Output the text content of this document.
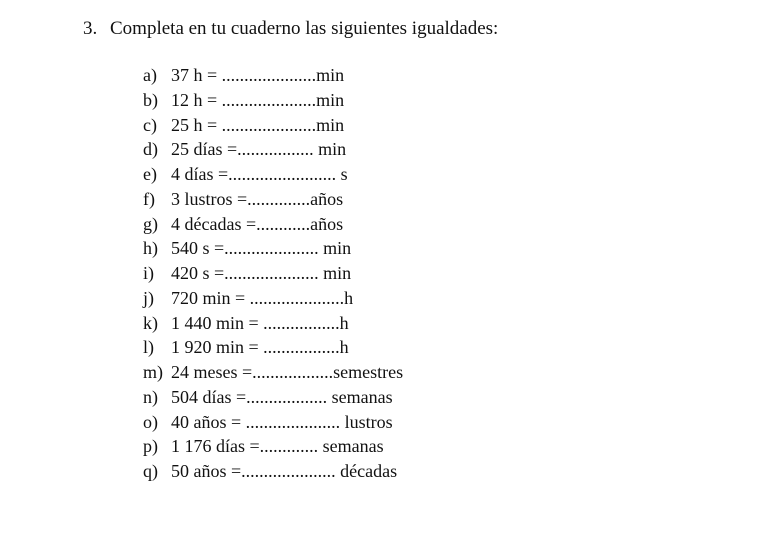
3. Completa en tu cuaderno las siguientes igualdades:
a) 37 h = .....................min
b) 12 h = .....................min
c) 25 h = .....................min
d) 25 días =................. min
e) 4 días =........................ s
f) 3 lustros =..............años
g) 4 décadas =............años
h) 540 s =..................... min
i) 420 s =..................... min
j) 720 min = .....................h
k) 1 440 min = .................h
l) 1 920 min = .................h
m) 24 meses =..................semestres
n) 504 días =.................. semanas
o) 40 años = ..................... lustros
p) 1 176 días =............. semanas
q) 50 años =..................... décadas
